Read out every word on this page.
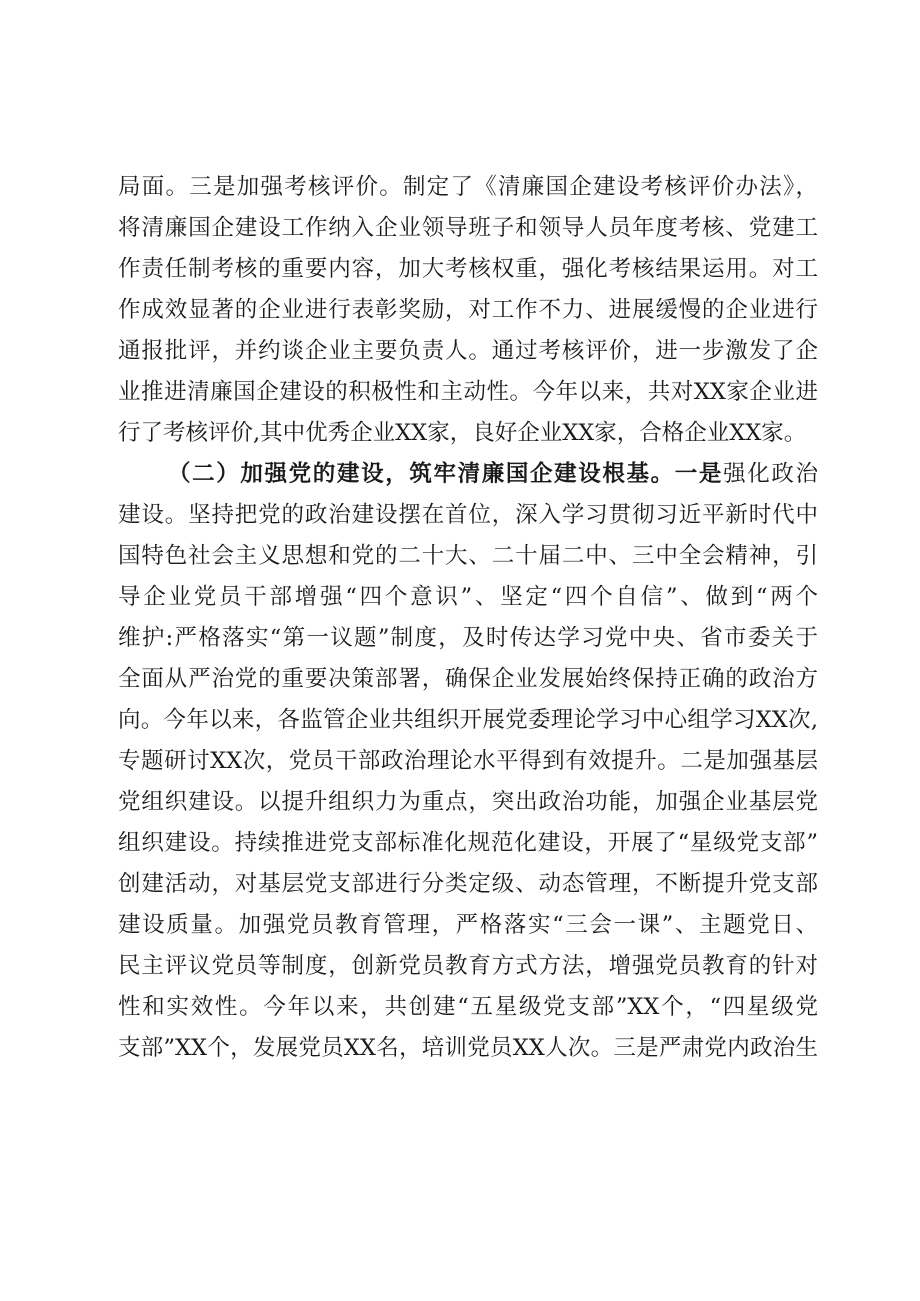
局面。三是加强考核评价。制定了《清廉国企建设考核评价办法》，
将清廉国企建设工作纳入企业领导班子和领导人员年度考核、党建工
作责任制考核的重要内容，加大考核权重，强化考核结果运用。对工
作成效显著的企业进行表彰奖励，对工作不力、进展缓慢的企业进行
通报批评，并约谈企业主要负责人。通过考核评价，进一步激发了企
业推进清廉国企建设的积极性和主动性。今年以来，共对XX家企业进
行了考核评价,其中优秀企业XX家，良好企业XX家，合格企业XX家。
（二）加强党的建设，筑牢清廉国企建设根基。一是强化政治
建设。坚持把党的政治建设摆在首位，深入学习贯彻习近平新时代中
国特色社会主义思想和党的二十大、二十届二中、三中全会精神，引
导企业党员干部增强“四个意识”、坚定“四个自信”、做到“两个
维护:严格落实“第一议题”制度，及时传达学习党中央、省市委关于
全面从严治党的重要决策部署，确保企业发展始终保持正确的政治方
向。今年以来，各监管企业共组织开展党委理论学习中心组学习XX次,
专题研讨XX次，党员干部政治理论水平得到有效提升。二是加强基层
党组织建设。以提升组织力为重点，突出政治功能，加强企业基层党
组织建设。持续推进党支部标准化规范化建设，开展了“星级党支部”
创建活动，对基层党支部进行分类定级、动态管理，不断提升党支部
建设质量。加强党员教育管理，严格落实“三会一课”、主题党日、
民主评议党员等制度，创新党员教育方式方法，增强党员教育的针对
性和实效性。今年以来，共创建“五星级党支部”XX个，“四星级党
支部”XX个，发展党员XX名，培训党员XX人次。三是严肃党内政治生
